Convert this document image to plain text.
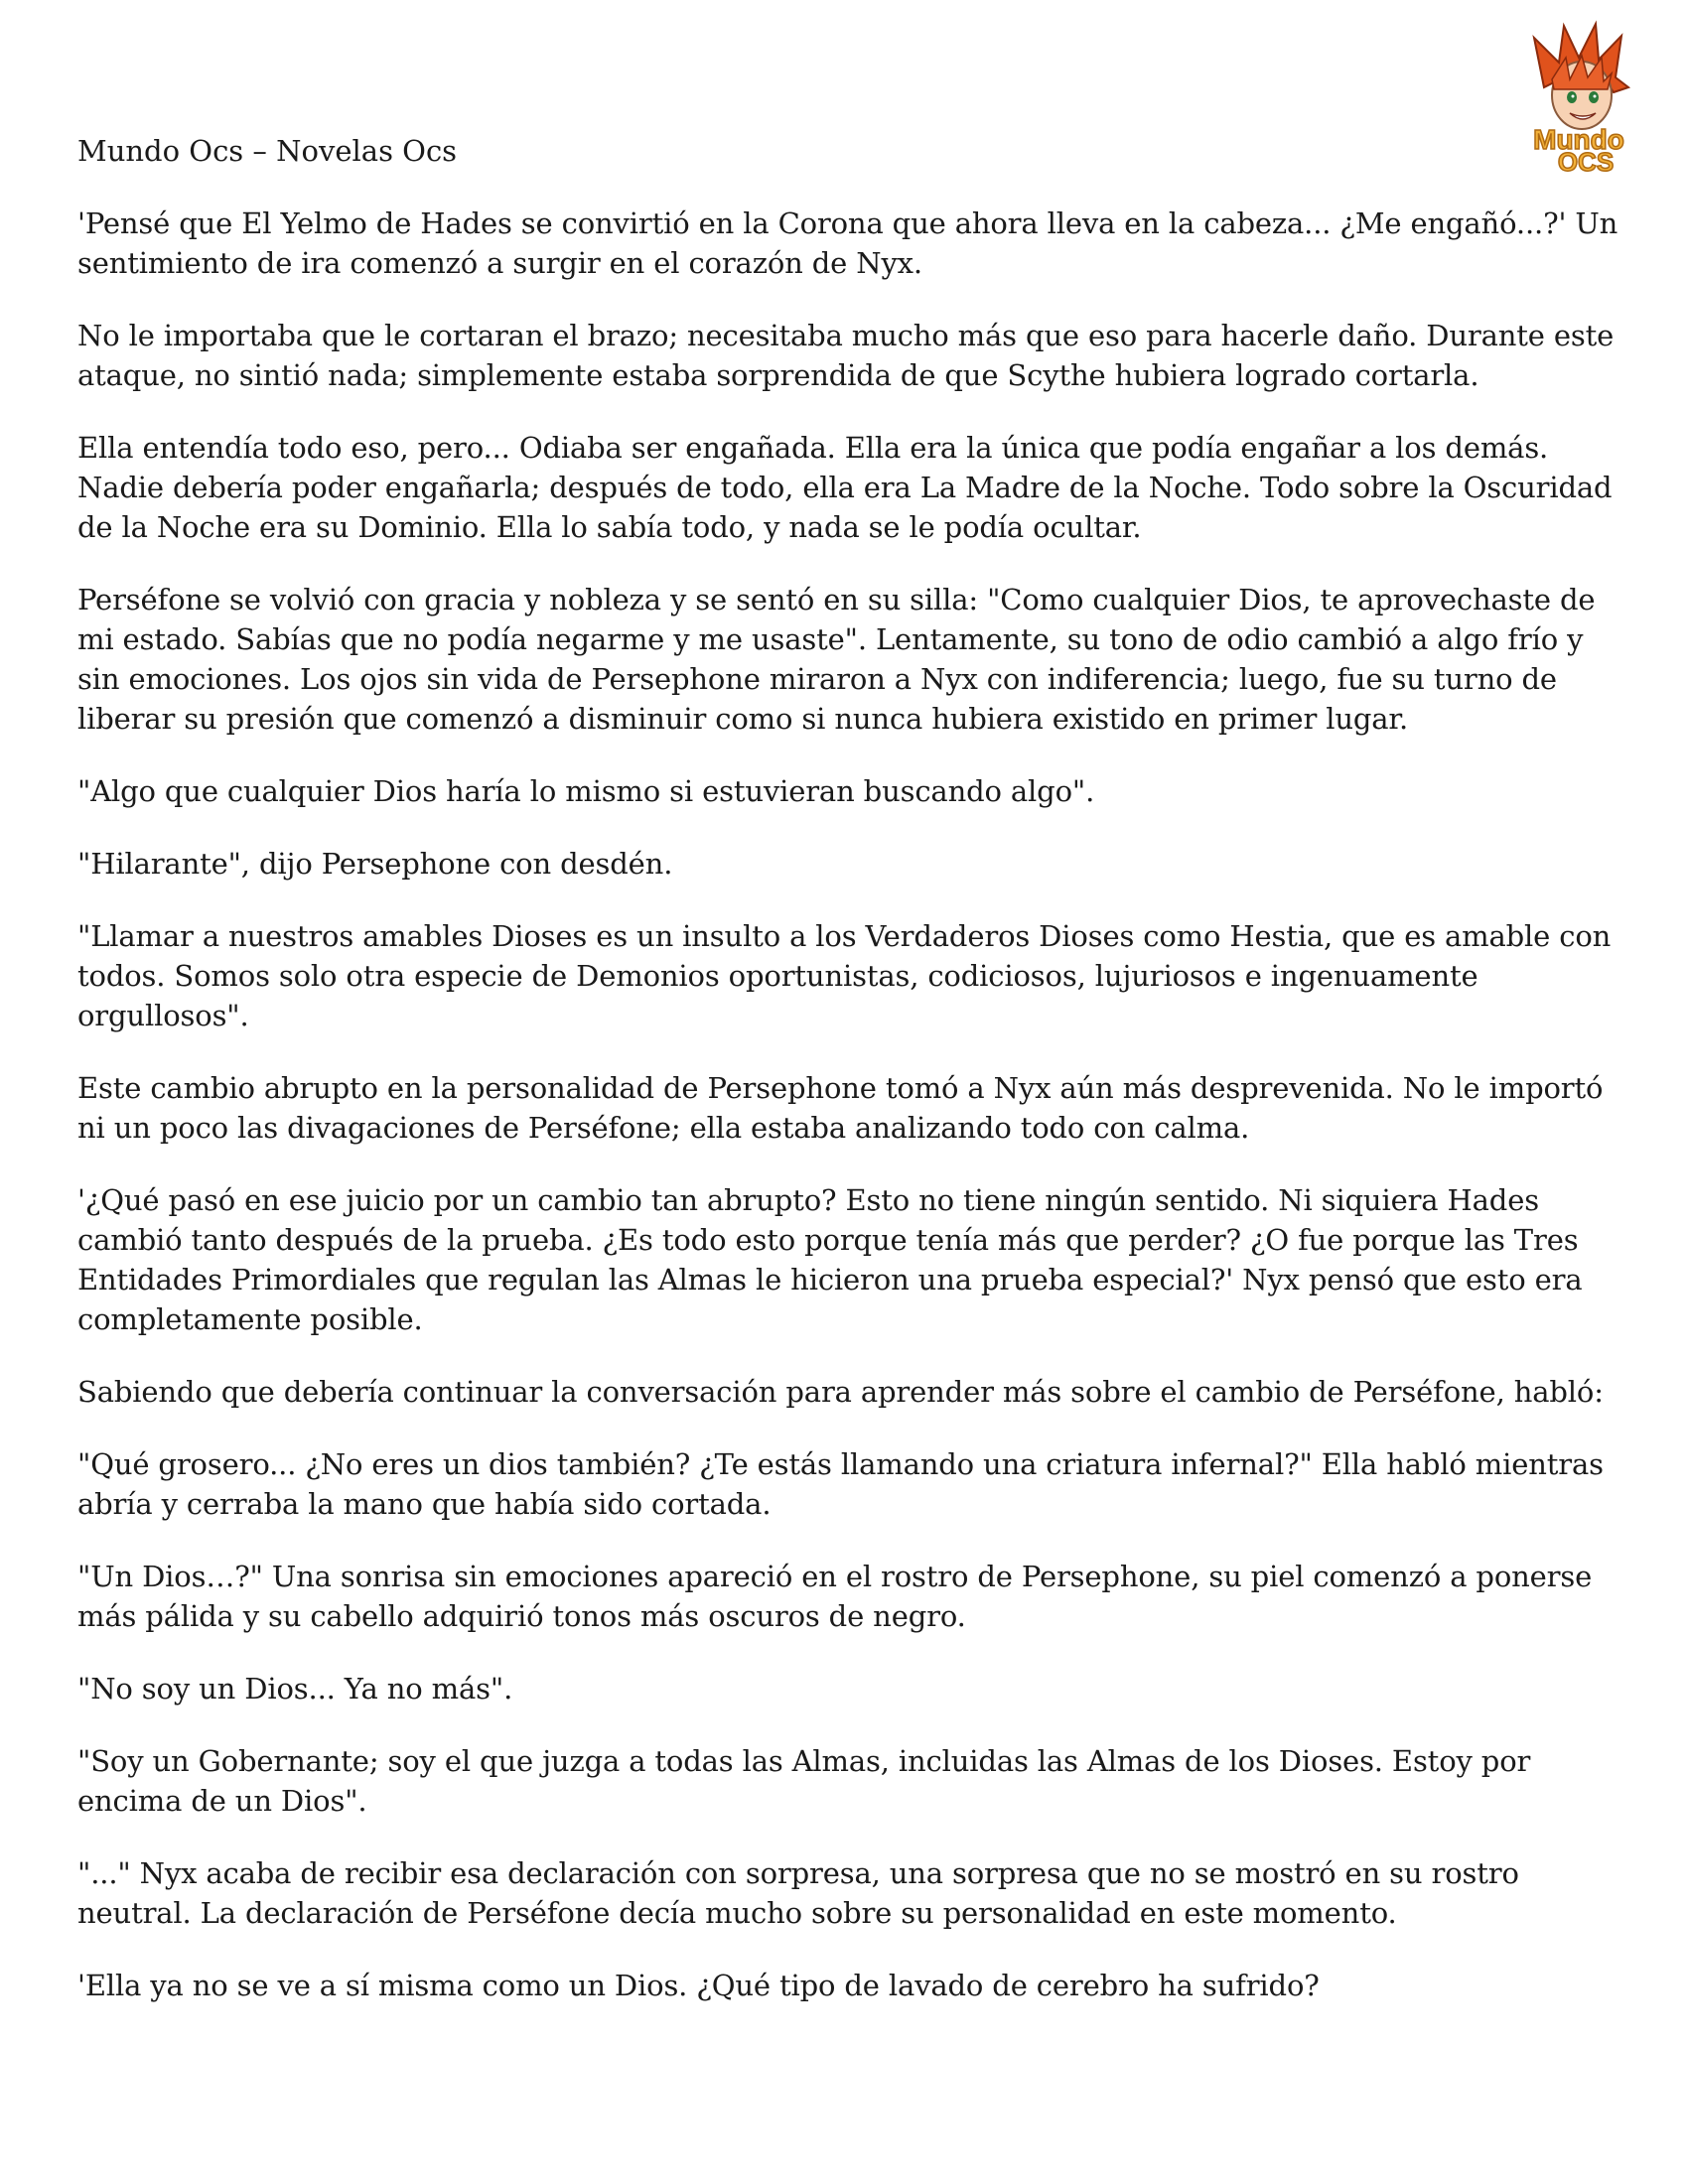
Mundo Ocs – Novelas Ocs	Mundo
OCS

'Pensé que El Yelmo de Hades se convirtió en la Corona que ahora lleva en la cabeza... ¿Me engañó...?' Un sentimiento de ira comenzó a surgir en el corazón de Nyx.

No le importaba que le cortaran el brazo; necesitaba mucho más que eso para hacerle daño. Durante este ataque, no sintió nada; simplemente estaba sorprendida de que Scythe hubiera logrado cortarla.

Ella entendía todo eso, pero... Odiaba ser engañada. Ella era la única que podía engañar a los demás. Nadie debería poder engañarla; después de todo, ella era La Madre de la Noche. Todo sobre la Oscuridad de la Noche era su Dominio. Ella lo sabía todo, y nada se le podía ocultar.

Perséfone se volvió con gracia y nobleza y se sentó en su silla: "Como cualquier Dios, te aprovechaste de mi estado. Sabías que no podía negarme y me usaste". Lentamente, su tono de odio cambió a algo frío y sin emociones. Los ojos sin vida de Persephone miraron a Nyx con indiferencia; luego, fue su turno de liberar su presión que comenzó a disminuir como si nunca hubiera existido en primer lugar.

"Algo que cualquier Dios haría lo mismo si estuvieran buscando algo".

"Hilarante", dijo Persephone con desdén.

"Llamar a nuestros amables Dioses es un insulto a los Verdaderos Dioses como Hestia, que es amable con todos. Somos solo otra especie de Demonios oportunistas, codiciosos, lujuriosos e ingenuamente orgullosos".

Este cambio abrupto en la personalidad de Persephone tomó a Nyx aún más desprevenida. No le importó ni un poco las divagaciones de Perséfone; ella estaba analizando todo con calma.

'¿Qué pasó en ese juicio por un cambio tan abrupto? Esto no tiene ningún sentido. Ni siquiera Hades cambió tanto después de la prueba. ¿Es todo esto porque tenía más que perder? ¿O fue porque las Tres Entidades Primordiales que regulan las Almas le hicieron una prueba especial?' Nyx pensó que esto era completamente posible.

Sabiendo que debería continuar la conversación para aprender más sobre el cambio de Perséfone, habló:

"Qué grosero... ¿No eres un dios también? ¿Te estás llamando una criatura infernal?" Ella habló mientras abría y cerraba la mano que había sido cortada.

"Un Dios…?" Una sonrisa sin emociones apareció en el rostro de Persephone, su piel comenzó a ponerse más pálida y su cabello adquirió tonos más oscuros de negro.

"No soy un Dios... Ya no más".

"Soy un Gobernante; soy el que juzga a todas las Almas, incluidas las Almas de los Dioses. Estoy por encima de un Dios".

"..." Nyx acaba de recibir esa declaración con sorpresa, una sorpresa que no se mostró en su rostro neutral. La declaración de Perséfone decía mucho sobre su personalidad en este momento.

'Ella ya no se ve a sí misma como un Dios. ¿Qué tipo de lavado de cerebro ha sufrido?
